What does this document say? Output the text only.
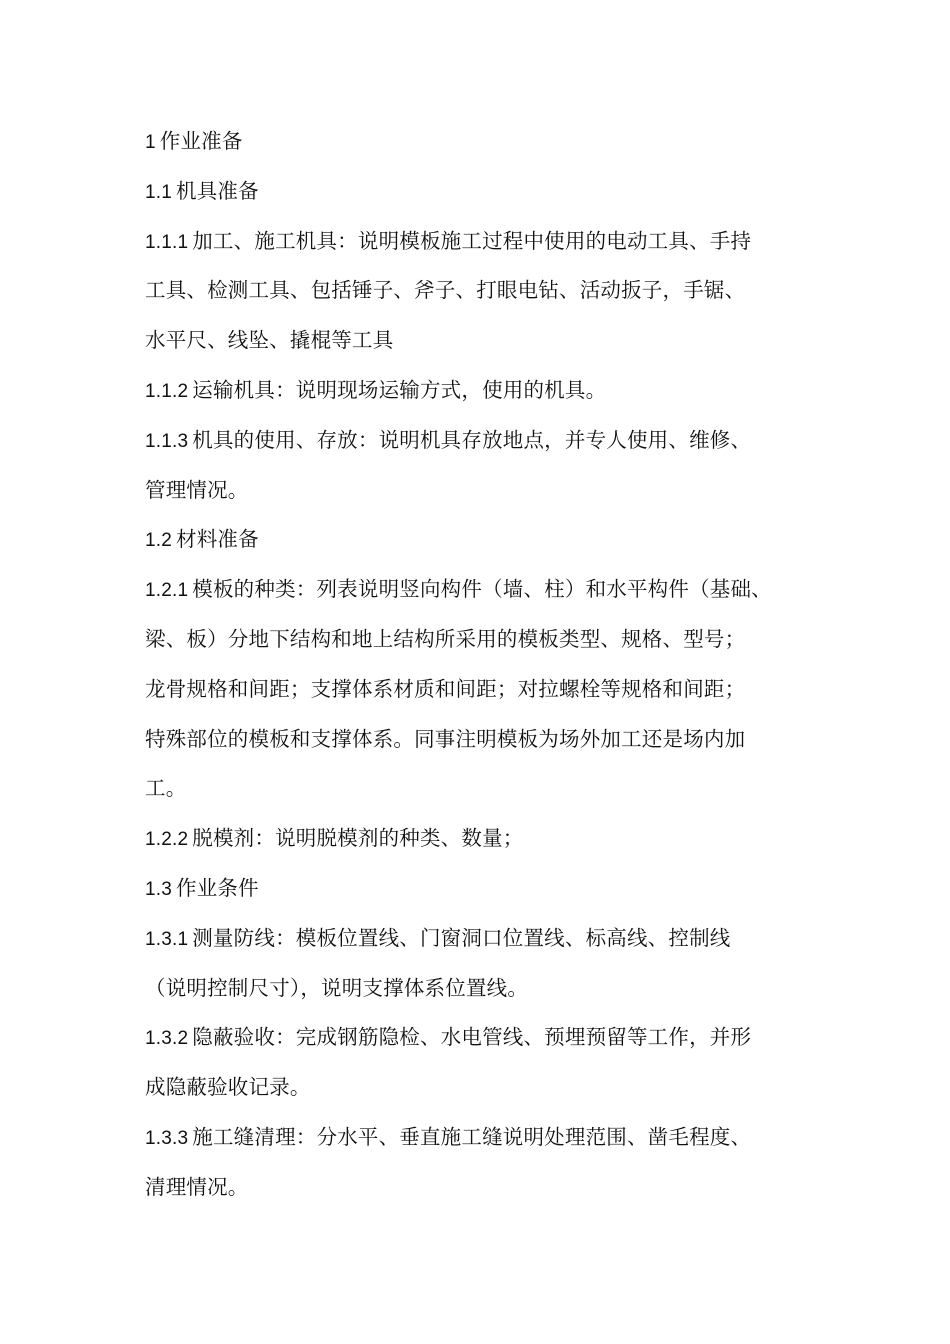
1 作业准备

1.1 机具准备

1.1.1 加工、施工机具：说明模板施工过程中使用的电动工具、手持

工具、检测工具、包括锤子、斧子、打眼电钻、活动扳子，手锯、

水平尺、线坠、撬棍等工具

1.1.2 运输机具：说明现场运输方式，使用的机具。

1.1.3 机具的使用、存放：说明机具存放地点，并专人使用、维修、

管理情况。

1.2 材料准备

1.2.1 模板的种类：列表说明竖向构件（墙、柱）和水平构件（基础、

梁、板）分地下结构和地上结构所采用的模板类型、规格、型号；

龙骨规格和间距；支撑体系材质和间距；对拉螺栓等规格和间距；

特殊部位的模板和支撑体系。同事注明模板为场外加工还是场内加

工。

1.2.2 脱模剂：说明脱模剂的种类、数量；

1.3 作业条件

1.3.1 测量防线：模板位置线、门窗洞口位置线、标高线、控制线

（说明控制尺寸），说明支撑体系位置线。

1.3.2 隐蔽验收：完成钢筋隐检、水电管线、预埋预留等工作，并形

成隐蔽验收记录。

1.3.3 施工缝清理：分水平、垂直施工缝说明处理范围、凿毛程度、

清理情况。
